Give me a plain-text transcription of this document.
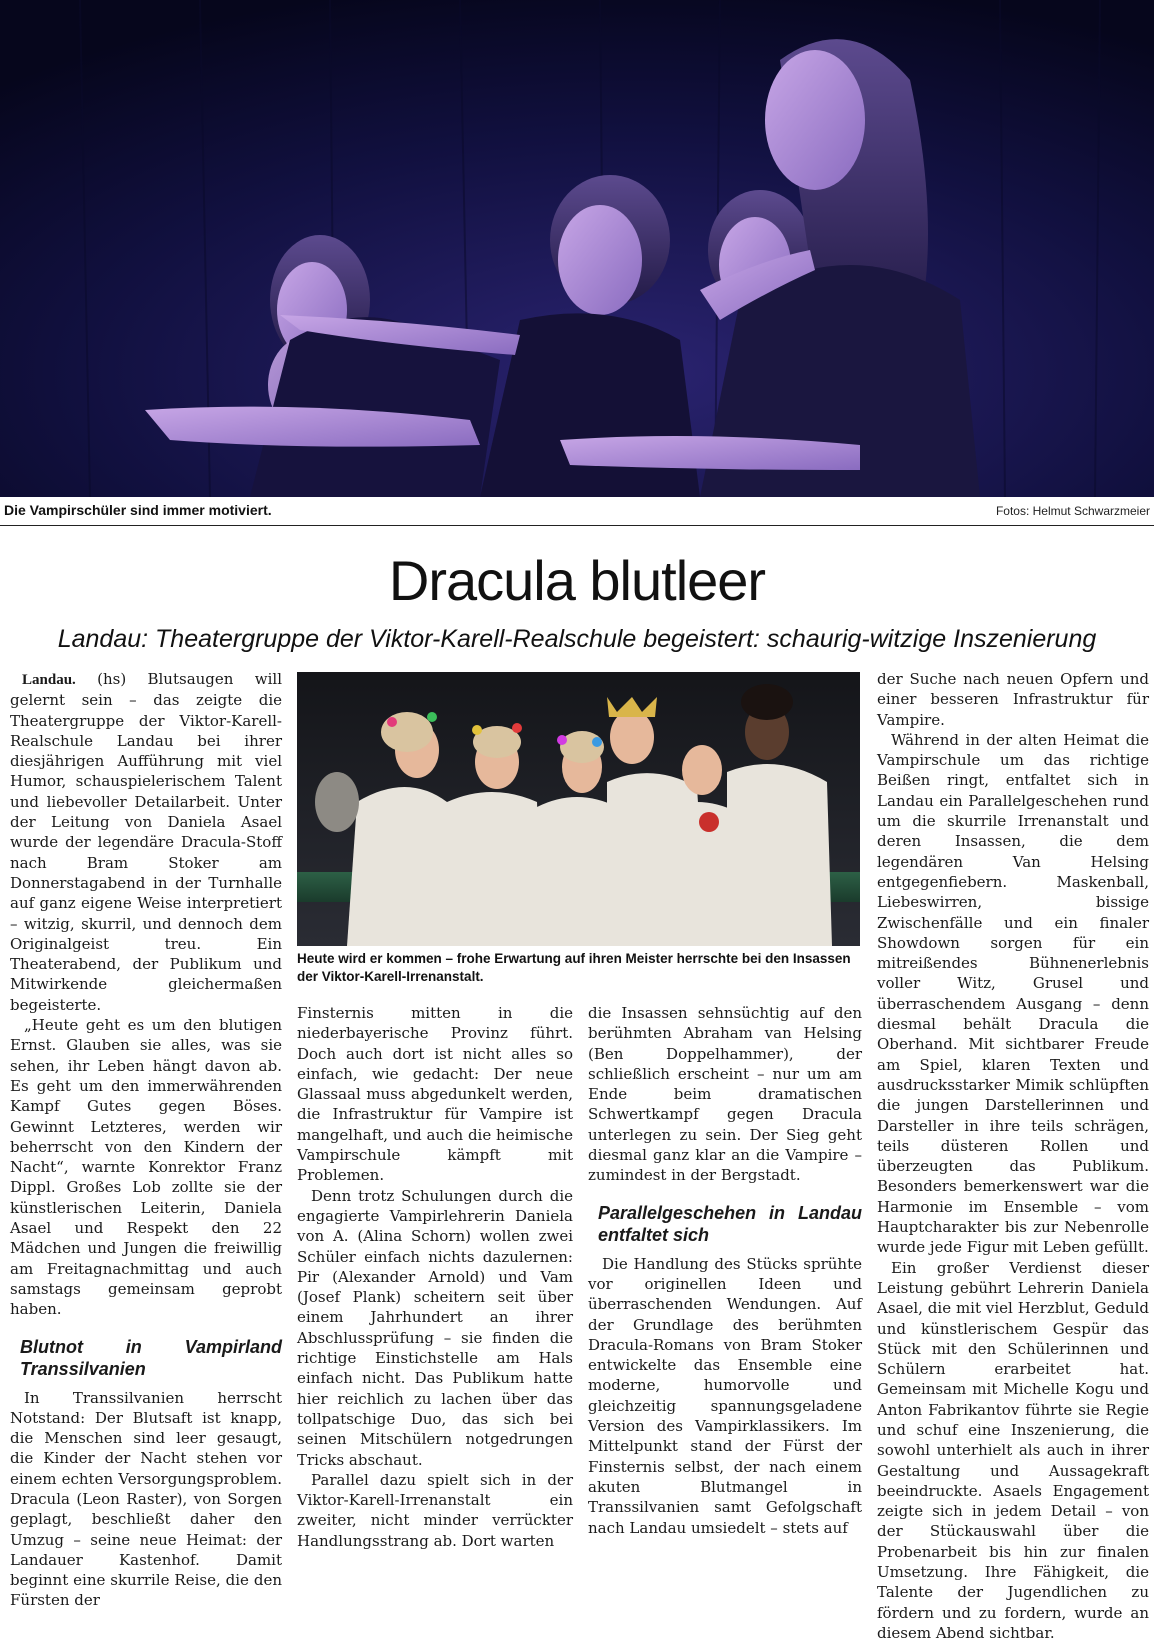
Die Vampirschüler sind immer motiviert.	Fotos: Helmut Schwarzmeier
Dracula blutleer
Landau: Theatergruppe der Viktor-Karell-Realschule begeistert: schaurig-witzige Inszenierung

Landau. (hs) Blutsaugen will gelernt sein – das zeigte die Theatergruppe der Viktor-Karell-Realschule Landau bei ihrer diesjährigen Aufführung mit viel Humor, schauspielerischem Talent und liebevoller Detailarbeit. Unter der Leitung von Daniela Asael wurde der legendäre Dracula-Stoff nach Bram Stoker am Donnerstagabend in der Turnhalle auf ganz eigene Weise interpretiert – witzig, skurril, und dennoch dem Originalgeist treu. Ein Theaterabend, der Publikum und Mitwirkende gleichermaßen begeisterte.

„Heute geht es um den blutigen Ernst. Glauben sie alles, was sie sehen, ihr Leben hängt davon ab. Es geht um den immerwährenden Kampf Gutes gegen Böses. Gewinnt Letzteres, werden wir beherrscht von den Kindern der Nacht“, warnte Konrektor Franz Dippl. Großes Lob zollte sie der künstlerischen Leiterin, Daniela Asael und Respekt den 22 Mädchen und Jungen die freiwillig am Freitagnachmittag und auch samstags gemeinsam geprobt haben.

Blutnot in Vampirland Transsilvanien

In Transsilvanien herrscht Notstand: Der Blutsaft ist knapp, die Menschen sind leer gesaugt, die Kinder der Nacht stehen vor einem echten Versorgungsproblem. Dracula (Leon Raster), von Sorgen geplagt, beschließt daher den Umzug – seine neue Heimat: der Landauer Kastenhof. Damit beginnt eine skurrile Reise, die den Fürsten der

Heute wird er kommen – frohe Erwartung auf ihren Meister herrschte bei den Insassen der Viktor-Karell-Irrenanstalt.

Finsternis mitten in die niederbayerische Provinz führt. Doch auch dort ist nicht alles so einfach, wie gedacht: Der neue Glassaal muss abgedunkelt werden, die Infrastruktur für Vampire ist mangelhaft, und auch die heimische Vampirschule kämpft mit Problemen.

Denn trotz Schulungen durch die engagierte Vampirlehrerin Daniela von A. (Alina Schorn) wollen zwei Schüler einfach nichts dazulernen: Pir (Alexander Arnold) und Vam (Josef Plank) scheitern seit über einem Jahrhundert an ihrer Abschlussprüfung – sie finden die richtige Einstichstelle am Hals einfach nicht. Das Publikum hatte hier reichlich zu lachen über das tollpatschige Duo, das sich bei seinen Mitschülern notgedrungen Tricks abschaut.

Parallel dazu spielt sich in der Viktor-Karell-Irrenanstalt ein zweiter, nicht minder verrückter Handlungsstrang ab. Dort warten

die Insassen sehnsüchtig auf den berühmten Abraham van Helsing (Ben Doppelhammer), der schließlich erscheint – nur um am Ende beim dramatischen Schwertkampf gegen Dracula unterlegen zu sein. Der Sieg geht diesmal ganz klar an die Vampire – zumindest in der Bergstadt.

Parallelgeschehen in Landau entfaltet sich

Die Handlung des Stücks sprühte vor originellen Ideen und überraschenden Wendungen. Auf der Grundlage des berühmten Dracula-Romans von Bram Stoker entwickelte das Ensemble eine moderne, humorvolle und gleichzeitig spannungsgeladene Version des Vampirklassikers. Im Mittelpunkt stand der Fürst der Finsternis selbst, der nach einem akuten Blutmangel in Transsilvanien samt Gefolgschaft nach Landau umsiedelt – stets auf

der Suche nach neuen Opfern und einer besseren Infrastruktur für Vampire.

Während in der alten Heimat die Vampirschule um das richtige Beißen ringt, entfaltet sich in Landau ein Parallelgeschehen rund um die skurrile Irrenanstalt und deren Insassen, die dem legendären Van Helsing entgegenfiebern. Maskenball, Liebeswirren, bissige Zwischenfälle und ein finaler Showdown sorgen für ein mitreißendes Bühnenerlebnis voller Witz, Grusel und überraschendem Ausgang – denn diesmal behält Dracula die Oberhand. Mit sichtbarer Freude am Spiel, klaren Texten und ausdrucksstarker Mimik schlüpften die jungen Darstellerinnen und Darsteller in ihre teils schrägen, teils düsteren Rollen und überzeugten das Publikum. Besonders bemerkenswert war die Harmonie im Ensemble – vom Hauptcharakter bis zur Nebenrolle wurde jede Figur mit Leben gefüllt.

Ein großer Verdienst dieser Leistung gebührt Lehrerin Daniela Asael, die mit viel Herzblut, Geduld und künstlerischem Gespür das Stück mit den Schülerinnen und Schülern erarbeitet hat. Gemeinsam mit Michelle Kogu und Anton Fabrikantov führte sie Regie und schuf eine Inszenierung, die sowohl unterhielt als auch in ihrer Gestaltung und Aussagekraft beeindruckte. Asaels Engagement zeigte sich in jedem Detail – von der Stückauswahl über die Probenarbeit bis hin zur finalen Umsetzung. Ihre Fähigkeit, die Talente der Jugendlichen zu fördern und zu fordern, wurde an diesem Abend sichtbar.
